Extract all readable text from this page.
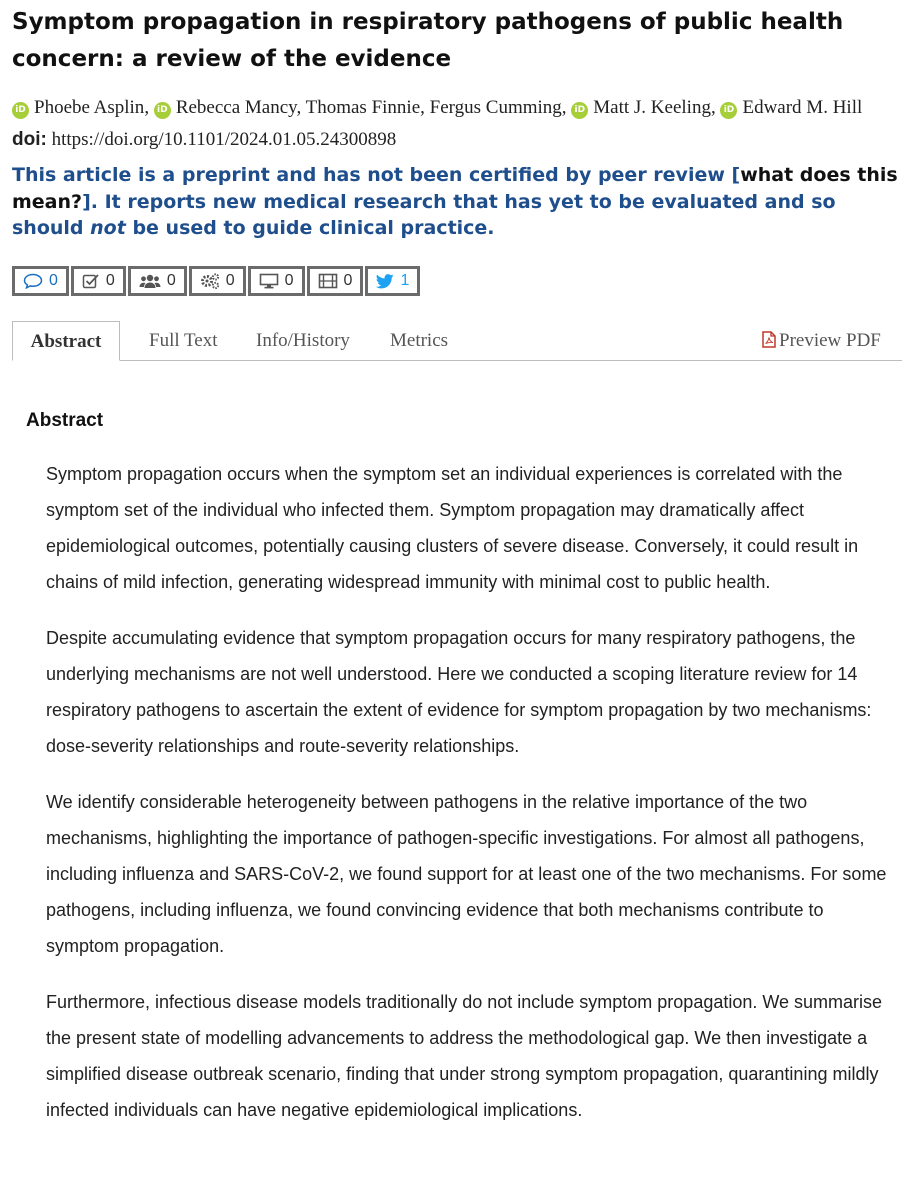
Symptom propagation in respiratory pathogens of public health concern: a review of the evidence
iD Phoebe Asplin, iD Rebecca Mancy, Thomas Finnie, Fergus Cumming, iD Matt J. Keeling, iD Edward M. Hill
doi: https://doi.org/10.1101/2024.01.05.24300898
This article is a preprint and has not been certified by peer review [what does this mean?]. It reports new medical research that has yet to be evaluated and so should not be used to guide clinical practice.
0	0	0	0	0	0	1
Abstract	Full Text Info/History Metrics	Preview PDF
Abstract

Symptom propagation occurs when the symptom set an individual experiences is correlated with the symptom set of the individual who infected them. Symptom propagation may dramatically affect epidemiological outcomes, potentially causing clusters of severe disease. Conversely, it could result in chains of mild infection, generating widespread immunity with minimal cost to public health.

Despite accumulating evidence that symptom propagation occurs for many respiratory pathogens, the underlying mechanisms are not well understood. Here we conducted a scoping literature review for 14 respiratory pathogens to ascertain the extent of evidence for symptom propagation by two mechanisms: dose-severity relationships and route-severity relationships.

We identify considerable heterogeneity between pathogens in the relative importance of the two mechanisms, highlighting the importance of pathogen-specific investigations. For almost all pathogens, including influenza and SARS-CoV-2, we found support for at least one of the two mechanisms. For some pathogens, including influenza, we found convincing evidence that both mechanisms contribute to symptom propagation.

Furthermore, infectious disease models traditionally do not include symptom propagation. We summarise the present state of modelling advancements to address the methodological gap. We then investigate a simplified disease outbreak scenario, finding that under strong symptom propagation, quarantining mildly infected individuals can have negative epidemiological implications.
